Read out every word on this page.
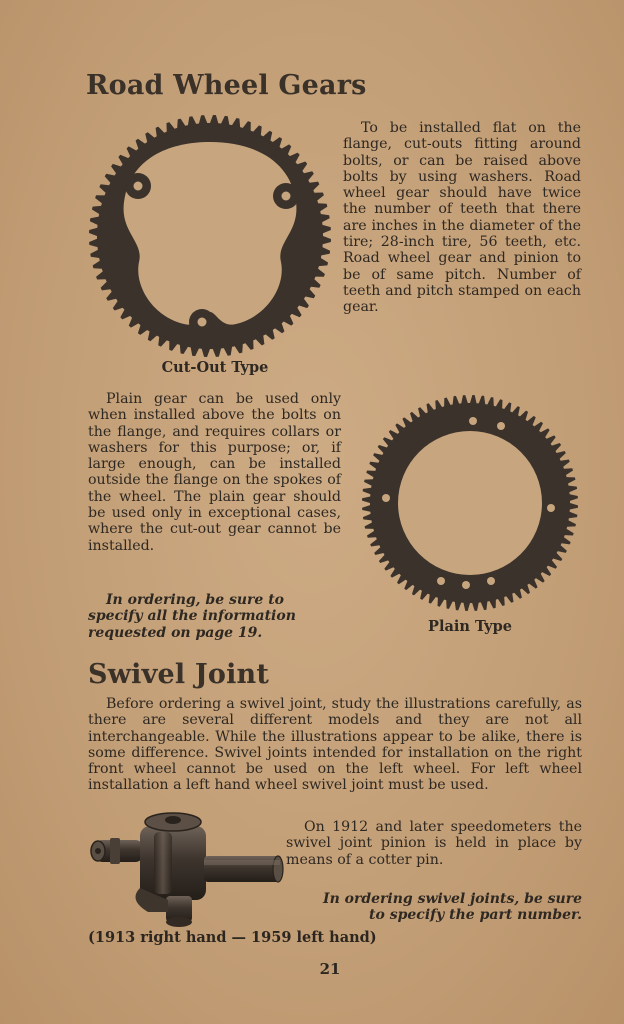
Road Wheel Gears

To be installed flat on the flange, cut-outs fitting around bolts, or can be raised above bolts by using washers. Road wheel gear should have twice the number of teeth that there are inches in the diameter of the tire; 28-inch tire, 56 teeth, etc. Road wheel gear and pinion to be of same pitch. Number of teeth and pitch stamped on each gear.

Cut-Out Type

Plain gear can be used only when installed above the bolts on the flange, and requires collars or washers for this purpose; or, if large enough, can be installed outside the flange on the spokes of the wheel. The plain gear should be used only in exceptional cases, where the cut-out gear cannot be installed.

In ordering, be sure to specify all the information requested on page 19.	Plain Type

Swivel Joint

Before ordering a swivel joint, study the illustrations carefully, as there are several different models and they are not all interchangeable. While the illustrations appear to be alike, there is some difference. Swivel joints intended for installation on the right front wheel cannot be used on the left wheel. For left wheel installation a left hand wheel swivel joint must be used.

On 1912 and later speedometers the swivel joint pinion is held in place by means of a cotter pin.

In ordering swivel joints, be sure to specify the part number.

(1913 right hand — 1959 left hand)

21
